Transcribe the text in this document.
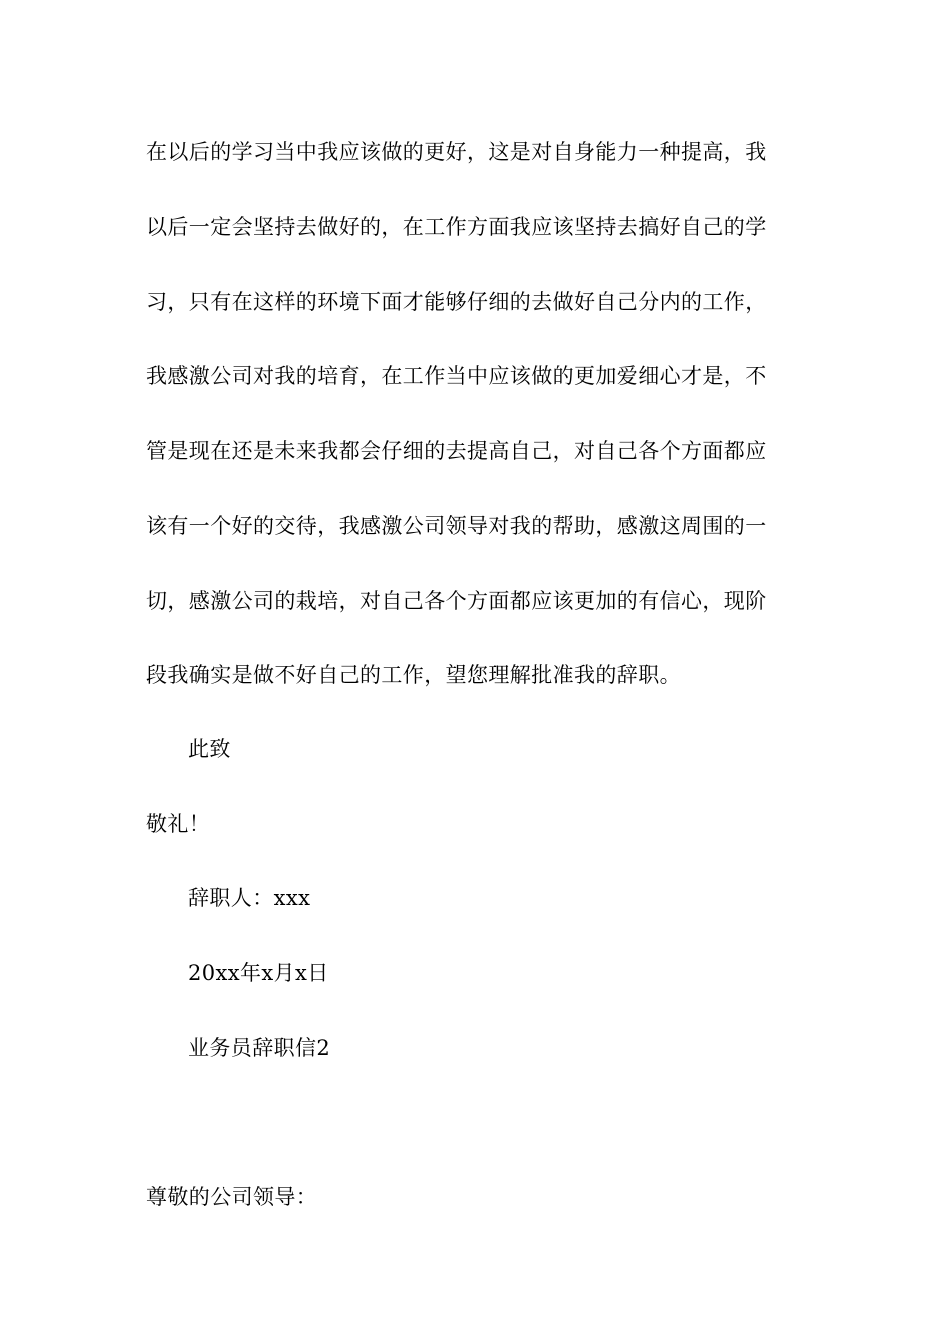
在以后的学习当中我应该做的更好，这是对自身能力一种提高，我
以后一定会坚持去做好的，在工作方面我应该坚持去搞好自己的学
习，只有在这样的环境下面才能够仔细的去做好自己分内的工作，
我感激公司对我的培育，在工作当中应该做的更加爱细心才是，不
管是现在还是未来我都会仔细的去提高自己，对自己各个方面都应
该有一个好的交待，我感激公司领导对我的帮助，感激这周围的一
切，感激公司的栽培，对自己各个方面都应该更加的有信心，现阶
段我确实是做不好自己的工作，望您理解批准我的辞职。
此致
敬礼！
辞职人：xxx
20xx年x月x日
业务员辞职信2
尊敬的公司领导：
